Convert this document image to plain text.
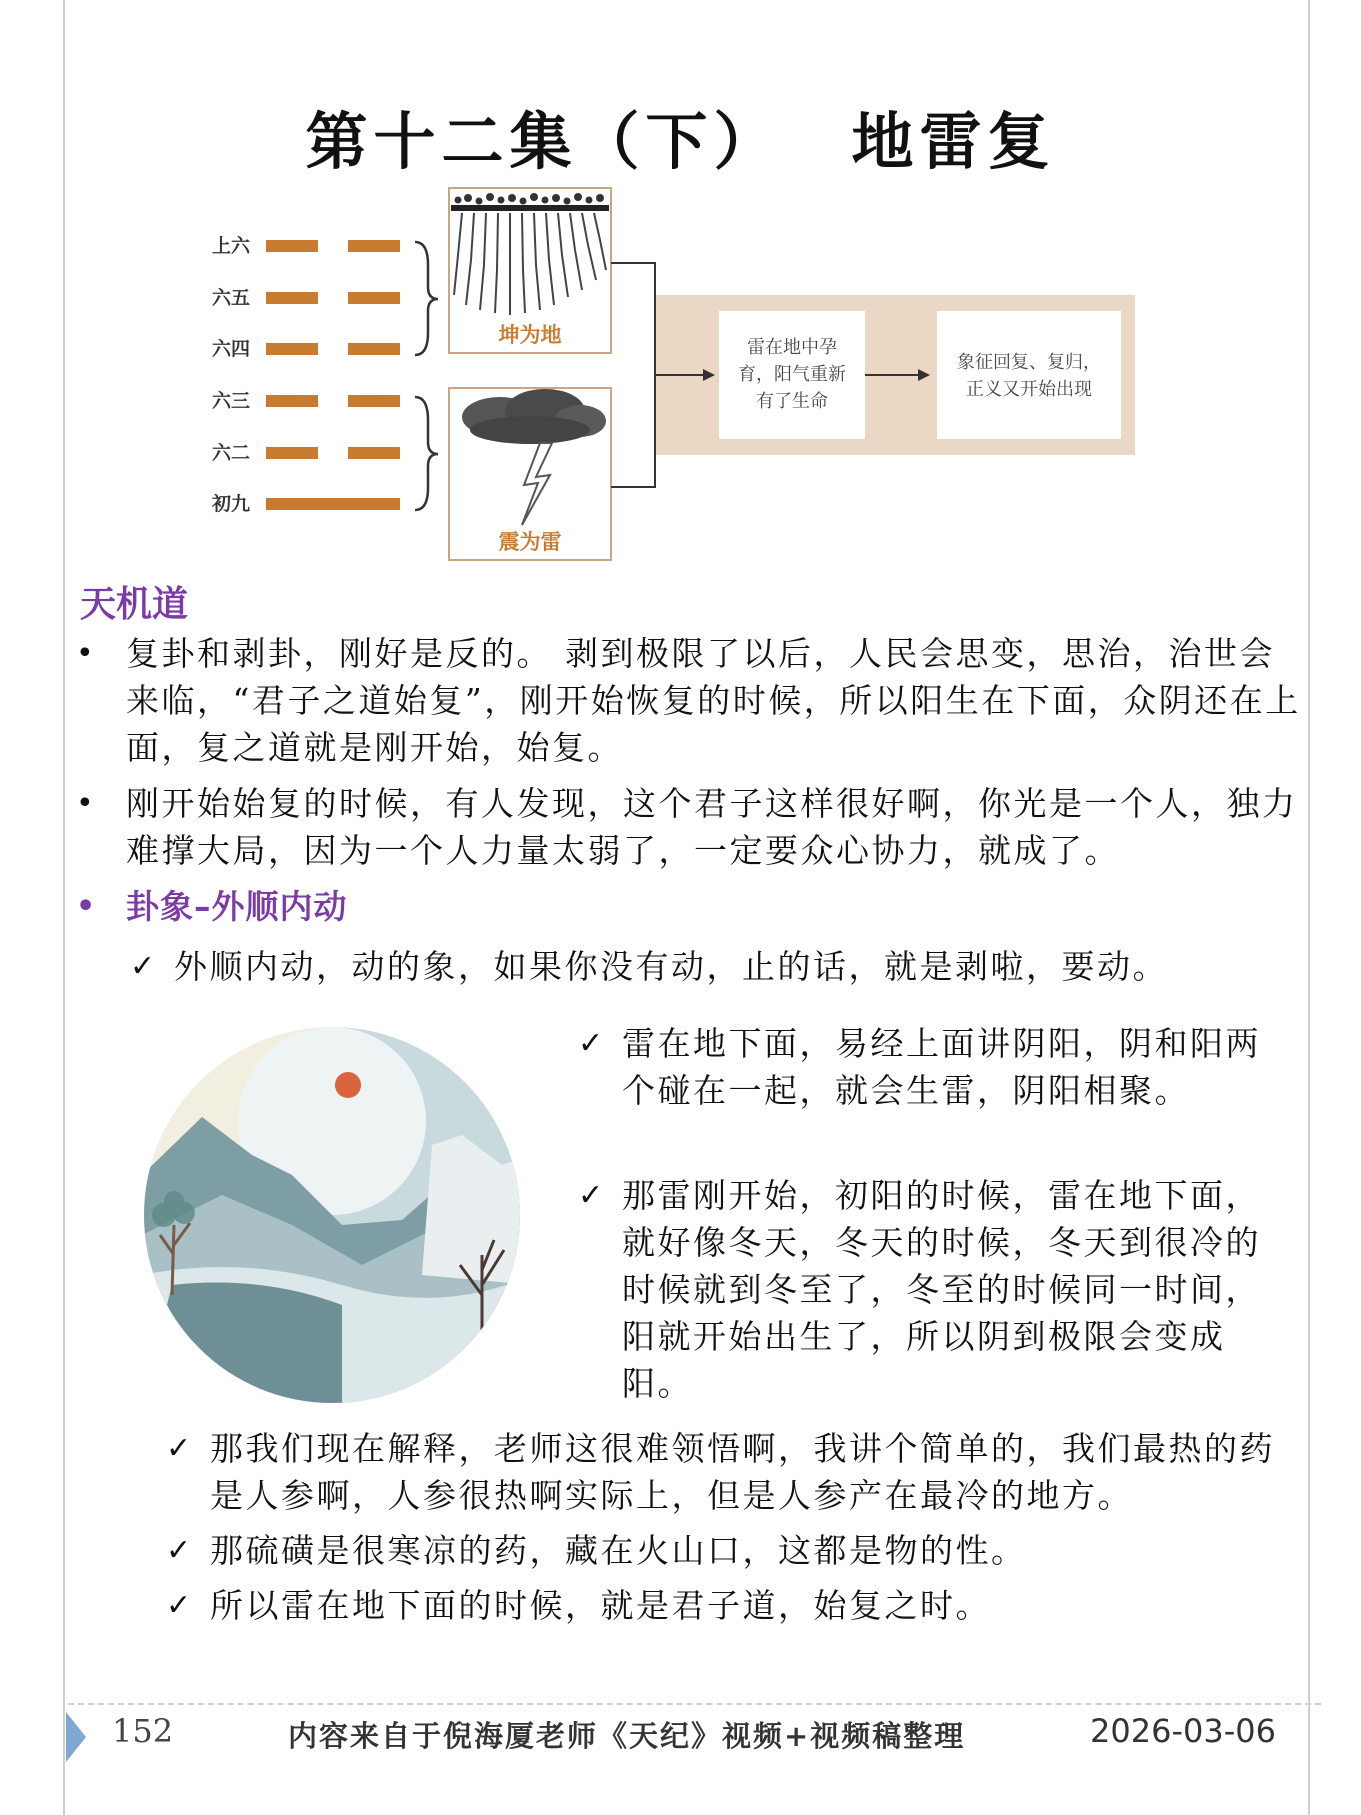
第十二集（下） 地雷复
上六
六五
六四
六三
六二
初九
坤为地
震为雷
雷在地中孕
育，阳气重新
有了生命
象征回复、复归，
正义又开始出现
天机道
• 复卦和剥卦，刚好是反的。 剥到极限了以后，人民会思变，思治，治世会来临，“君子之道始复”，刚开始恢复的时候，所以阳生在下面，众阴还在上面，复之道就是刚开始，始复。
• 刚开始始复的时候，有人发现，这个君子这样很好啊，你光是一个人，独力难撑大局，因为一个人力量太弱了，一定要众心协力，就成了。
• 卦象–外顺内动
✓ 外顺内动，动的象，如果你没有动，止的话，就是剥啦，要动。
✓ 雷在地下面，易经上面讲阴阳，阴和阳两个碰在一起，就会生雷，阴阳相聚。
✓ 那雷刚开始，初阳的时候，雷在地下面，就好像冬天，冬天的时候，冬天到很冷的时候就到冬至了，冬至的时候同一时间，阳就开始出生了，所以阴到极限会变成阳。
✓ 那我们现在解释，老师这很难领悟啊，我讲个简单的，我们最热的药是人参啊，人参很热啊实际上，但是人参产在最冷的地方。
✓ 那硫磺是很寒凉的药，藏在火山口，这都是物的性。
✓ 所以雷在地下面的时候，就是君子道，始复之时。
152	内容来自于倪海厦老师《天纪》视频+视频稿整理	2026-03-06
